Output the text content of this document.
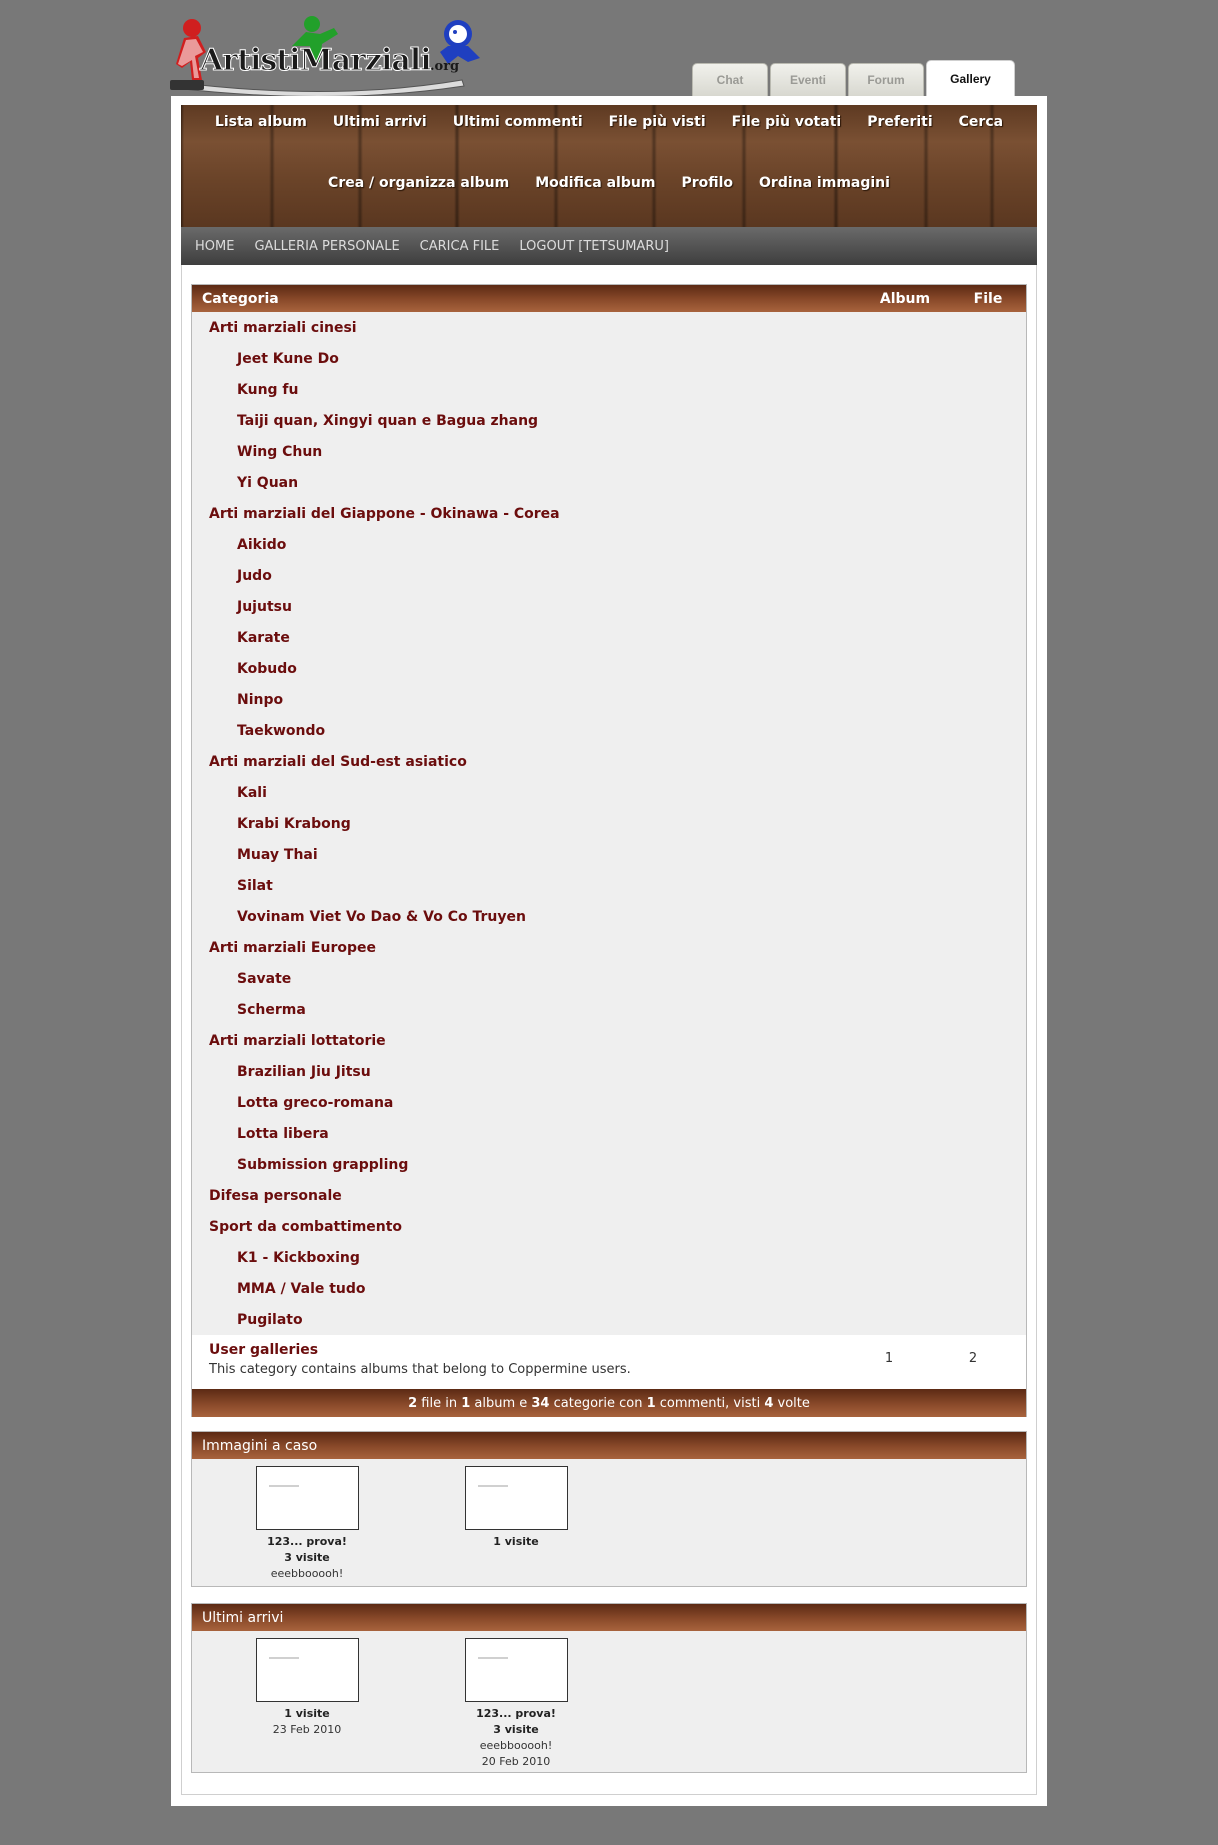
ArtistiMarziali .org
Chat	Eventi	Forum	Gallery
Lista album	Ultimi arrivi	Ultimi commenti	File più visti	File più votati	Preferiti	Cerca
Crea / organizza album	Modifica album	Profilo	Ordina immagini
HOME	GALLERIA PERSONALE	CARICA FILE	LOGOUT [TETSUMARU]
Categoria	Album	File
Arti marziali cinesi
Jeet Kune Do
Kung fu
Taiji quan, Xingyi quan e Bagua zhang
Wing Chun
Yi Quan
Arti marziali del Giappone - Okinawa - Corea
Aikido
Judo
Jujutsu
Karate
Kobudo
Ninpo
Taekwondo
Arti marziali del Sud-est asiatico
Kali
Krabi Krabong
Muay Thai
Silat
Vovinam Viet Vo Dao & Vo Co Truyen
Arti marziali Europee
Savate
Scherma
Arti marziali lottatorie
Brazilian Jiu Jitsu
Lotta greco-romana
Lotta libera
Submission grappling
Difesa personale
Sport da combattimento
K1 - Kickboxing
MMA / Vale tudo
Pugilato
User galleries
This category contains albums that belong to Coppermine users.
1	2
2 file in 1 album e 34 categorie con 1 commenti, visti 4 volte
Immagini a caso
123... prova!
3 visite
eeebbooooh!
1 visite
Ultimi arrivi
1 visite
23 Feb 2010
123... prova!
3 visite
eeebbooooh!
20 Feb 2010
